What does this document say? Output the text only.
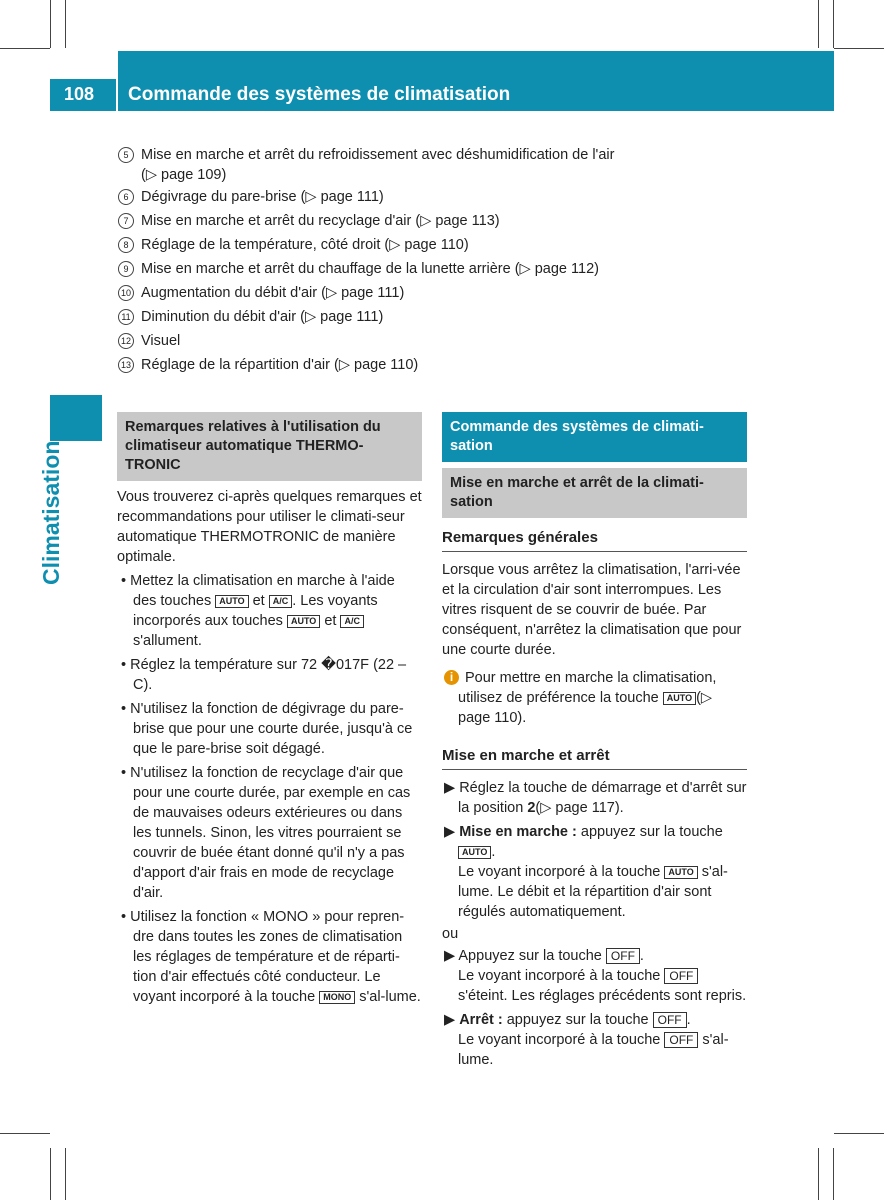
108 Commande des systèmes de climatisation
Climatisation
5 Mise en marche et arrêt du refroidissement avec déshumidification de l'air
(▷ page 109)
6 Dégivrage du pare-brise (▷ page 111)
7 Mise en marche et arrêt du recyclage d'air (▷ page 113)
8 Réglage de la température, côté droit (▷ page 110)
9 Mise en marche et arrêt du chauffage de la lunette arrière (▷ page 112)
10 Augmentation du débit d'air (▷ page 111)
11 Diminution du débit d'air (▷ page 111)
12 Visuel
13 Réglage de la répartition d'air (▷ page 110)
Remarques relatives à l'utilisation du climatiseur automatique THERMO-TRONIC

Vous trouverez ci-après quelques remarques et recommandations pour utiliser le climati-seur automatique THERMOTRONIC de manière optimale.

• Mettez la climatisation en marche à l'aide des touches AUTO et A/C . Les voyants incorporés aux touches AUTO et A/C s'allument.

• Réglez la température sur 72 �017F (22 ‒C).

• N'utilisez la fonction de dégivrage du pare-brise que pour une courte durée, jusqu'à ce que le pare-brise soit dégagé.

• N'utilisez la fonction de recyclage d'air que pour une courte durée, par exemple en cas de mauvaises odeurs extérieures ou dans les tunnels. Sinon, les vitres pourraient se couvrir de buée étant donné qu'il n'y a pas d'apport d'air frais en mode de recyclage d'air.

• Utilisez la fonction « MONO » pour repren-dre dans toutes les zones de climatisation les réglages de température et de réparti-tion d'air effectués côté conducteur. Le voyant incorporé à la touche MONO s'al-lume.

Commande des systèmes de climati-sation
Mise en marche et arrêt de la climati-sation
Remarques générales

Lorsque vous arrêtez la climatisation, l'arri-vée et la circulation d'air sont interrompues. Les vitres risquent de se couvrir de buée. Par conséquent, n'arrêtez la climatisation que pour une courte durée.

i Pour mettre en marche la climatisation, utilisez de préférence la touche AUTO (▷ page 110).

Mise en marche et arrêt

▶ Réglez la touche de démarrage et d'arrêt sur la position 2(▷ page 117).

▶ Mise en marche : appuyez sur la touche AUTO .
Le voyant incorporé à la touche AUTO s'al-lume. Le débit et la répartition d'air sont régulés automatiquement.

ou

▶ Appuyez sur la touche OFF .
Le voyant incorporé à la touche OFF s'éteint. Les réglages précédents sont repris.

▶ Arrêt : appuyez sur la touche OFF .
Le voyant incorporé à la touche OFF s'al-lume.
